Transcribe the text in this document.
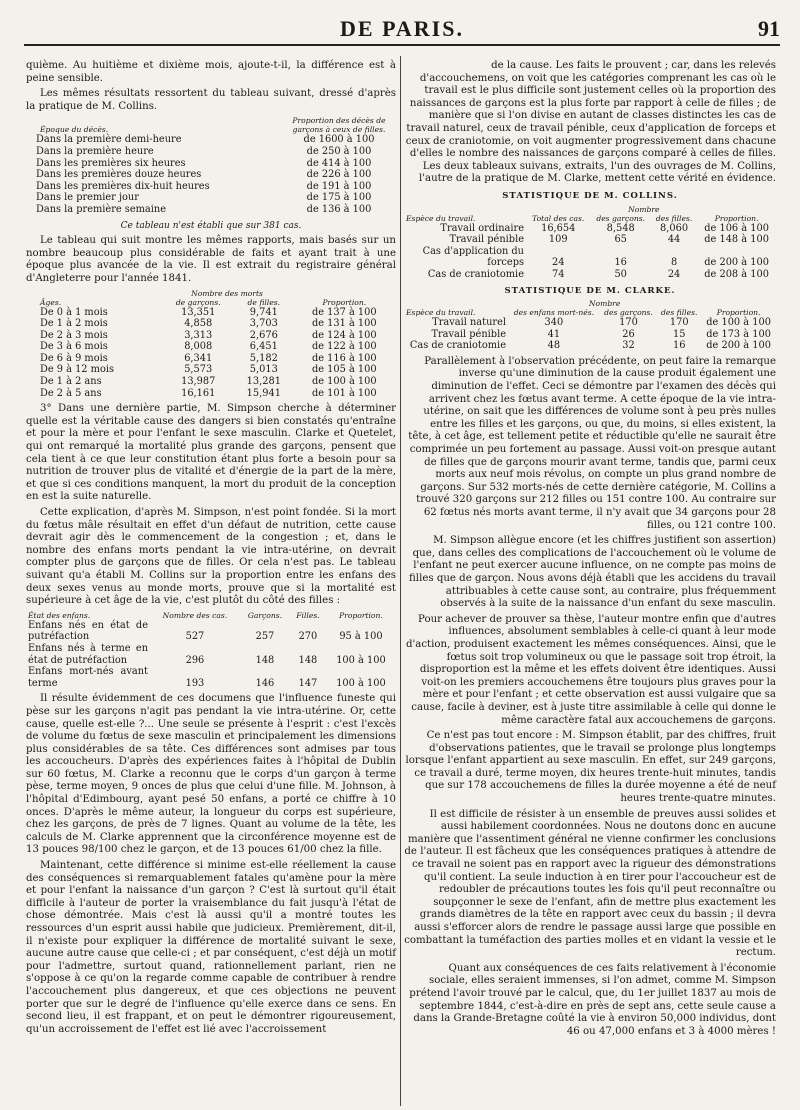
DE PARIS.	91

quième. Au huitième et dixième mois, ajoute-t-il, la différence est à peine sensible.

Les mêmes résultats ressortent du tableau suivant, dressé d'après la pratique de M. Collins.

Époque du décès.	Proportion des décès de garçons à ceux de filles.
Dans la première demi-heure	de 1600 à 100
Dans la première heure	de 250 à 100
Dans les premières six heures	de 414 à 100
Dans les premières douze heures	de 226 à 100
Dans les premières dix-huit heures	de 191 à 100
Dans le premier jour	de 175 à 100
Dans la première semaine	de 136 à 100
Ce tableau n'est établi que sur 381 cas.

Le tableau qui suit montre les mêmes rapports, mais basés sur un nombre beaucoup plus considérable de faits et ayant trait à une époque plus avancée de la vie. Il est extrait du registraire général d'Angleterre pour l'année 1841.

	Nombre des morts		
Âges.	de garçons.	de filles.	Proportion.
De 0 à 1 mois	13,351	9,741	de 137 à 100
De 1 à 2 mois	4,858	3,703	de 131 à 100
De 2 à 3 mois	3,313	2,676	de 124 à 100
De 3 à 6 mois	8,008	6,451	de 122 à 100
De 6 à 9 mois	6,341	5,182	de 116 à 100
De 9 à 12 mois	5,573	5,013	de 105 à 100
De 1 à 2 ans	13,987	13,281	de 100 à 100
De 2 à 5 ans	16,161	15,941	de 101 à 100

3° Dans une dernière partie, M. Simpson cherche à déterminer quelle est la véritable cause des dangers si bien constatés qu'entraîne et pour la mère et pour l'enfant le sexe masculin. Clarke et Quetelet, qui ont remarqué la mortalité plus grande des garçons, pensent que cela tient à ce que leur constitution étant plus forte a besoin pour sa nutrition de trouver plus de vitalité et d'énergie de la part de la mère, et que si ces conditions manquent, la mort du produit de la conception en est la suite naturelle.

Cette explication, d'après M. Simpson, n'est point fondée. Si la mort du fœtus mâle résultait en effet d'un défaut de nutrition, cette cause devrait agir dès le commencement de la congestion ; et, dans le nombre des enfans morts pendant la vie intra-utérine, on devrait compter plus de garçons que de filles. Or cela n'est pas. Le tableau suivant qu'a établi M. Collins sur la proportion entre les enfans des deux sexes venus au monde morts, prouve que si la mortalité est supérieure à cet âge de la vie, c'est plutôt du côté des filles :

État des enfans.	Nombre des cas.	Garçons.	Filles.	Proportion.
Enfans nés en état de putréfaction	527	257	270	95 à 100
Enfans nés à terme en état de putréfaction	296	148	148	100 à 100
Enfans mort-nés avant terme	193	146	147	100 à 100

Il résulte évidemment de ces documens que l'influence funeste qui pèse sur les garçons n'agit pas pendant la vie intra-utérine. Or, cette cause, quelle est-elle ?... Une seule se présente à l'esprit : c'est l'excès de volume du fœtus de sexe masculin et principalement les dimensions plus considérables de sa tête. Ces différences sont admises par tous les accoucheurs. D'après des expériences faites à l'hôpital de Dublin sur 60 fœtus, M. Clarke a reconnu que le corps d'un garçon à terme pèse, terme moyen, 9 onces de plus que celui d'une fille. M. Johnson, à l'hôpital d'Edimbourg, ayant pesé 50 enfans, a porté ce chiffre à 10 onces. D'après le même auteur, la longueur du corps est supérieure, chez les garçons, de près de 7 lignes. Quant au volume de la tête, les calculs de M. Clarke apprennent que la circonférence moyenne est de 13 pouces 98/100 chez le garçon, et de 13 pouces 61/00 chez la fille.

Maintenant, cette différence si minime est-elle réellement la cause des conséquences si remarquablement fatales qu'amène pour la mère et pour l'enfant la naissance d'un garçon ? C'est là surtout qu'il était difficile à l'auteur de porter la vraisemblance du fait jusqu'à l'état de chose démontrée. Mais c'est là aussi qu'il a montré toutes les ressources d'un esprit aussi habile que judicieux. Premièrement, dit-il, il n'existe pour expliquer la différence de mortalité suivant le sexe, aucune autre cause que celle-ci ; et par conséquent, c'est déjà un motif pour l'admettre, surtout quand, rationnellement parlant, rien ne s'oppose à ce qu'on la regarde comme capable de contribuer à rendre l'accouchement plus dangereux, et que ces objections ne peuvent porter que sur le degré de l'influence qu'elle exerce dans ce sens. En second lieu, il est frappant, et on peut le démontrer rigoureusement, qu'un accroissement de l'effet est lié avec l'accroissement

de la cause. Les faits le prouvent ; car, dans les relevés d'accouchemens, on voit que les catégories comprenant les cas où le travail est le plus difficile sont justement celles où la proportion des naissances de garçons est la plus forte par rapport à celle de filles ; de manière que si l'on divise en autant de classes distinctes les cas de travail naturel, ceux de travail pénible, ceux d'application de forceps et ceux de craniotomie, on voit augmenter progressivement dans chacune d'elles le nombre des naissances de garçons comparé à celles de filles. Les deux tableaux suivans, extraits, l'un des ouvrages de M. Collins, l'autre de la pratique de M. Clarke, mettent cette vérité en évidence.

STATISTIQUE DE M. COLLINS.
		Nombre		
Espèce du travail.	Total des cas.	des garçons.	des filles.	Proportion.
Travail ordinaire	16,654	8,548	8,060	de 106 à 100
Travail pénible	109	65	44	de 148 à 100
Cas d'application du forceps	24	16	8	de 200 à 100
Cas de craniotomie	74	50	24	de 208 à 100
STATISTIQUE DE M. CLARKE.
	Nombre			
Espèce du travail.	des enfans mort-nés.	des garçons.	des filles.	Proportion.
Travail naturel	340	170	170	de 100 à 100
Travail pénible	41	26	15	de 173 à 100
Cas de craniotomie	48	32	16	de 200 à 100

Parallèlement à l'observation précédente, on peut faire la remarque inverse qu'une diminution de la cause produit également une diminution de l'effet. Ceci se démontre par l'examen des décès qui arrivent chez les fœtus avant terme. A cette époque de la vie intra-utérine, on sait que les différences de volume sont à peu près nulles entre les filles et les garçons, ou que, du moins, si elles existent, la tête, à cet âge, est tellement petite et réductible qu'elle ne saurait être comprimée un peu fortement au passage. Aussi voit-on presque autant de filles que de garçons mourir avant terme, tandis que, parmi ceux morts aux neuf mois révolus, on compte un plus grand nombre de garçons. Sur 532 morts-nés de cette dernière catégorie, M. Collins a trouvé 320 garçons sur 212 filles ou 151 contre 100. Au contraire sur 62 fœtus nés morts avant terme, il n'y avait que 34 garçons pour 28 filles, ou 121 contre 100.

M. Simpson allègue encore (et les chiffres justifient son assertion) que, dans celles des complications de l'accouchement où le volume de l'enfant ne peut exercer aucune influence, on ne compte pas moins de filles que de garçon. Nous avons déjà établi que les accidens du travail attribuables à cette cause sont, au contraire, plus fréquemment observés à la suite de la naissance d'un enfant du sexe masculin.

Pour achever de prouver sa thèse, l'auteur montre enfin que d'autres influences, absolument semblables à celle-ci quant à leur mode d'action, produisent exactement les mêmes conséquences. Ainsi, que le fœtus soit trop volumineux ou que le passage soit trop étroit, la disproportion est la même et les effets doivent être identiques. Aussi voit-on les premiers accouchemens être toujours plus graves pour la mère et pour l'enfant ; et cette observation est aussi vulgaire que sa cause, facile à deviner, est à juste titre assimilable à celle qui donne le même caractère fatal aux accouchemens de garçons.

Ce n'est pas tout encore : M. Simpson établit, par des chiffres, fruit d'observations patientes, que le travail se prolonge plus longtemps lorsque l'enfant appartient au sexe masculin. En effet, sur 249 garçons, ce travail a duré, terme moyen, dix heures trente-huit minutes, tandis que sur 178 accouchemens de filles la durée moyenne a été de neuf heures trente-quatre minutes.

Il est difficile de résister à un ensemble de preuves aussi solides et aussi habilement coordonnées. Nous ne doutons donc en aucune manière que l'assentiment général ne vienne confirmer les conclusions de l'auteur. Il est fâcheux que les conséquences pratiques à attendre de ce travail ne soient pas en rapport avec la rigueur des démonstrations qu'il contient. La seule induction à en tirer pour l'accoucheur est de redoubler de précautions toutes les fois qu'il peut reconnaître ou soupçonner le sexe de l'enfant, afin de mettre plus exactement les grands diamètres de la tête en rapport avec ceux du bassin ; il devra aussi s'efforcer alors de rendre le passage aussi large que possible en combattant la tuméfaction des parties molles et en vidant la vessie et le rectum.

Quant aux conséquences de ces faits relativement à l'économie sociale, elles seraient immenses, si l'on admet, comme M. Simpson prétend l'avoir trouvé par le calcul, que, du 1er juillet 1837 au mois de septembre 1844, c'est-à-dire en près de sept ans, cette seule cause a dans la Grande-Bretagne coûté la vie à environ 50,000 individus, dont 46 ou 47,000 enfans et 3 à 4000 mères !
